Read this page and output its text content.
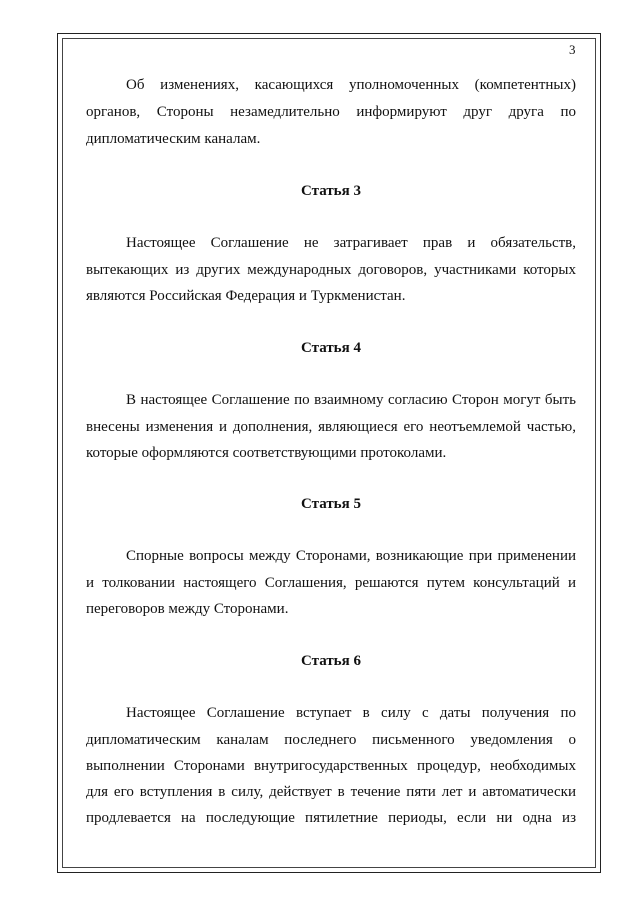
3
Об изменениях, касающихся уполномоченных (компетентных)
органов, Стороны незамедлительно информируют друг друга по
дипломатическим каналам.
Статья 3
Настоящее Соглашение не затрагивает прав и обязательств,
вытекающих из других международных договоров, участниками которых
являются Российская Федерация и Туркменистан.
Статья 4
В настоящее Соглашение по взаимному согласию Сторон могут быть
внесены изменения и дополнения, являющиеся его неотъемлемой частью,
которые оформляются соответствующими протоколами.
Статья 5
Спорные вопросы между Сторонами, возникающие при применении
и толковании настоящего Соглашения, решаются путем консультаций и
переговоров между Сторонами.
Статья 6
Настоящее Соглашение вступает в силу с даты получения по
дипломатическим каналам последнего письменного уведомления о
выполнении Сторонами внутригосударственных процедур, необходимых
для его вступления в силу, действует в течение пяти лет и автоматически
продлевается на последующие пятилетние периоды, если ни одна из
